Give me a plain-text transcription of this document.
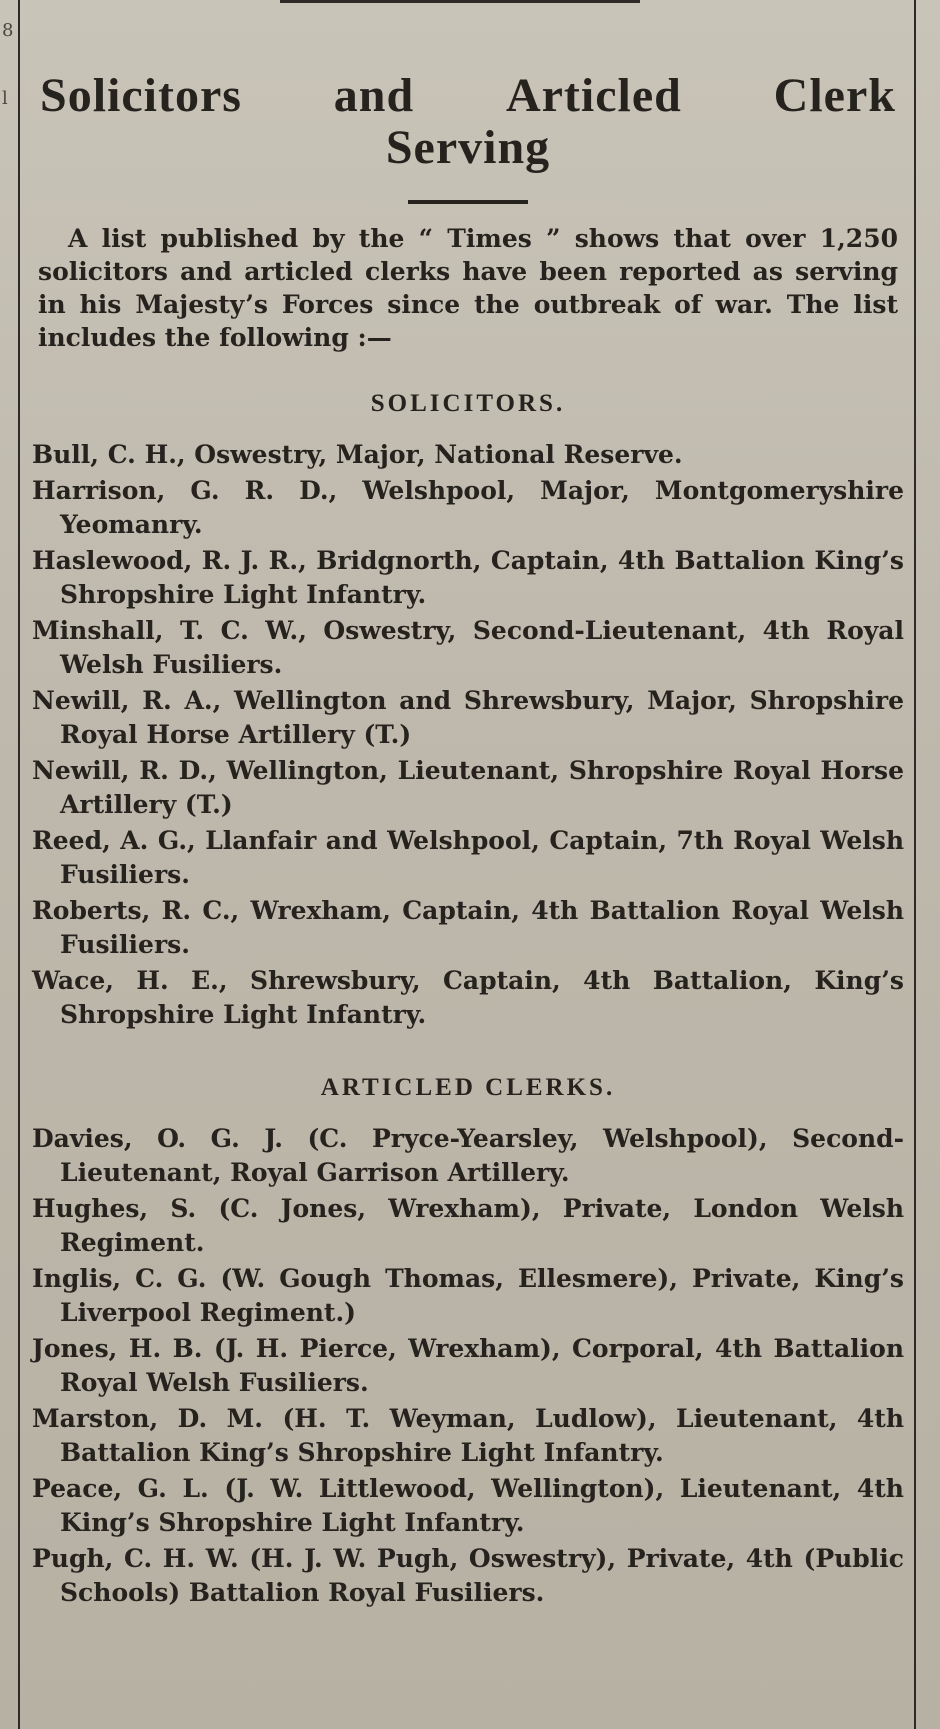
8
l Solicitors and Articled Clerk
Serving

A list published by the “ Times ” shows that over 1,250 solicitors and articled clerks have been reported as serving in his Majesty’s Forces since the outbreak of war. The list includes the following :—

SOLICITORS.

Bull, C. H., Oswestry, Major, National Reserve.

Harrison, G. R. D., Welshpool, Major, Montgomeryshire Yeomanry.

Haslewood, R. J. R., Bridgnorth, Captain, 4th Battalion King’s Shropshire Light Infantry.

Minshall, T. C. W., Oswestry, Second-Lieutenant, 4th Royal Welsh Fusiliers.

Newill, R. A., Wellington and Shrewsbury, Major, Shropshire Royal Horse Artillery (T.)

Newill, R. D., Wellington, Lieutenant, Shropshire Royal Horse Artillery (T.)

Reed, A. G., Llanfair and Welshpool, Captain, 7th Royal Welsh Fusiliers.

Roberts, R. C., Wrexham, Captain, 4th Battalion Royal Welsh Fusiliers.

Wace, H. E., Shrewsbury, Captain, 4th Battalion, King’s Shropshire Light Infantry.

ARTICLED CLERKS.

Davies, O. G. J. (C. Pryce-Yearsley, Welshpool), Second-Lieutenant, Royal Garrison Artillery.

Hughes, S. (C. Jones, Wrexham), Private, London Welsh Regiment.

Inglis, C. G. (W. Gough Thomas, Ellesmere), Private, King’s Liverpool Regiment.)

Jones, H. B. (J. H. Pierce, Wrexham), Corporal, 4th Battalion Royal Welsh Fusiliers.

Marston, D. M. (H. T. Weyman, Ludlow), Lieutenant, 4th Battalion King’s Shropshire Light Infantry.

Peace, G. L. (J. W. Littlewood, Wellington), Lieutenant, 4th King’s Shropshire Light Infantry.

Pugh, C. H. W. (H. J. W. Pugh, Oswestry), Private, 4th (Public Schools) Battalion Royal Fusiliers.
